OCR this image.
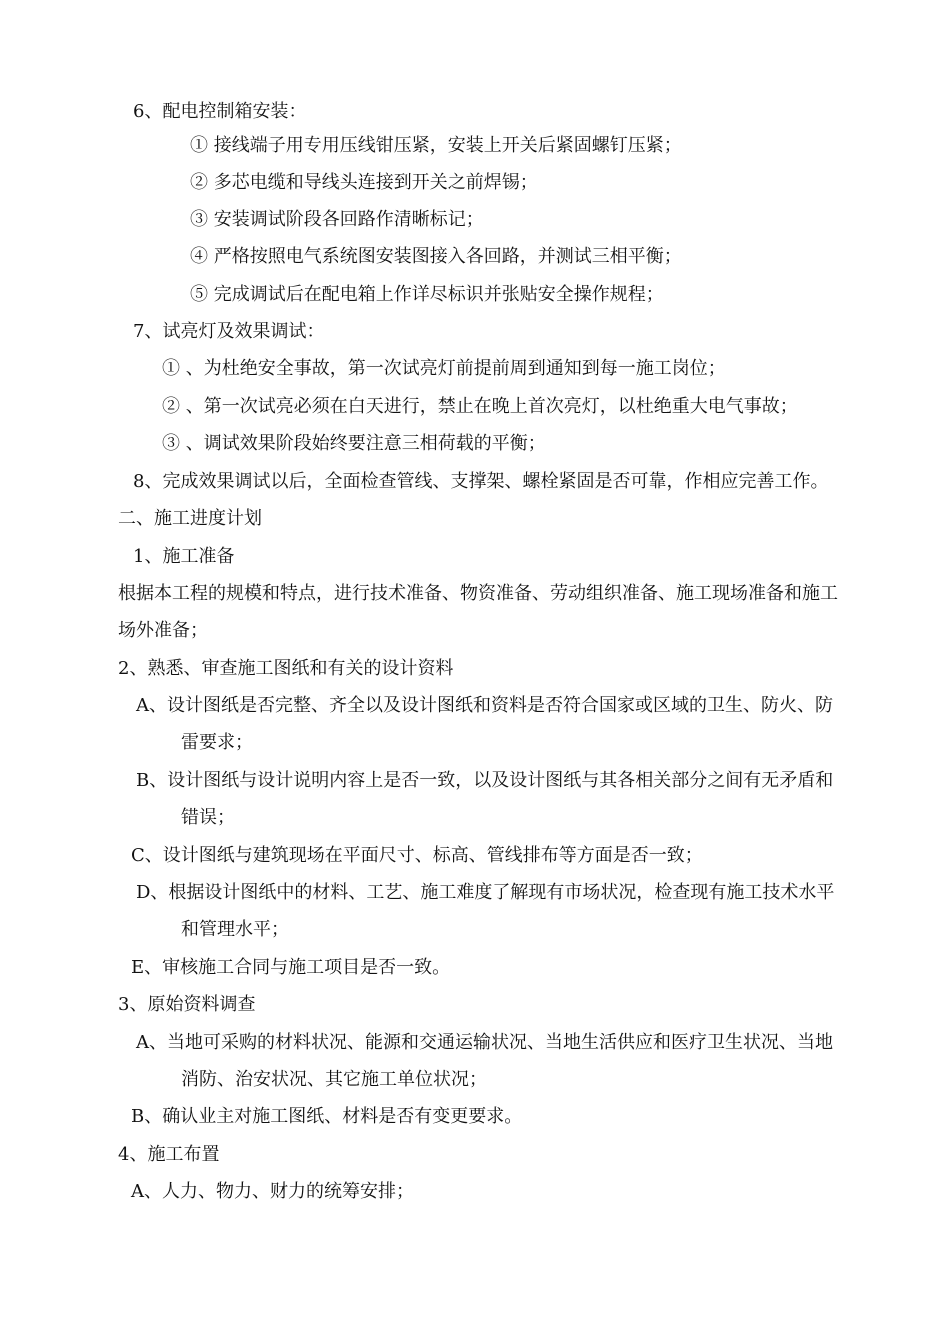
6、配电控制箱安装：
① 接线端子用专用压线钳压紧，安装上开关后紧固螺钉压紧；
② 多芯电缆和导线头连接到开关之前焊锡；
③ 安装调试阶段各回路作清晰标记；
④ 严格按照电气系统图安装图接入各回路，并测试三相平衡；
⑤ 完成调试后在配电箱上作详尽标识并张贴安全操作规程；
7、试亮灯及效果调试：
① 、为杜绝安全事故，第一次试亮灯前提前周到通知到每一施工岗位；
② 、第一次试亮必须在白天进行，禁止在晚上首次亮灯，以杜绝重大电气事故；
③ 、调试效果阶段始终要注意三相荷载的平衡；
8、完成效果调试以后，全面检查管线、支撑架、螺栓紧固是否可靠，作相应完善工作。
二、施工进度计划
1、施工准备
根据本工程的规模和特点，进行技术准备、物资准备、劳动组织准备、施工现场准备和施工
场外准备；
2、熟悉、审查施工图纸和有关的设计资料
A、设计图纸是否完整、齐全以及设计图纸和资料是否符合国家或区域的卫生、防火、防
雷要求；
B、设计图纸与设计说明内容上是否一致，以及设计图纸与其各相关部分之间有无矛盾和
错误；
C、设计图纸与建筑现场在平面尺寸、标高、管线排布等方面是否一致；
D、根据设计图纸中的材料、工艺、施工难度了解现有市场状况，检查现有施工技术水平
和管理水平；
E、审核施工合同与施工项目是否一致。
3、原始资料调查
A、当地可采购的材料状况、能源和交通运输状况、当地生活供应和医疗卫生状况、当地
消防、治安状况、其它施工单位状况；
B、确认业主对施工图纸、材料是否有变更要求。
4、施工布置
A、人力、物力、财力的统筹安排；
